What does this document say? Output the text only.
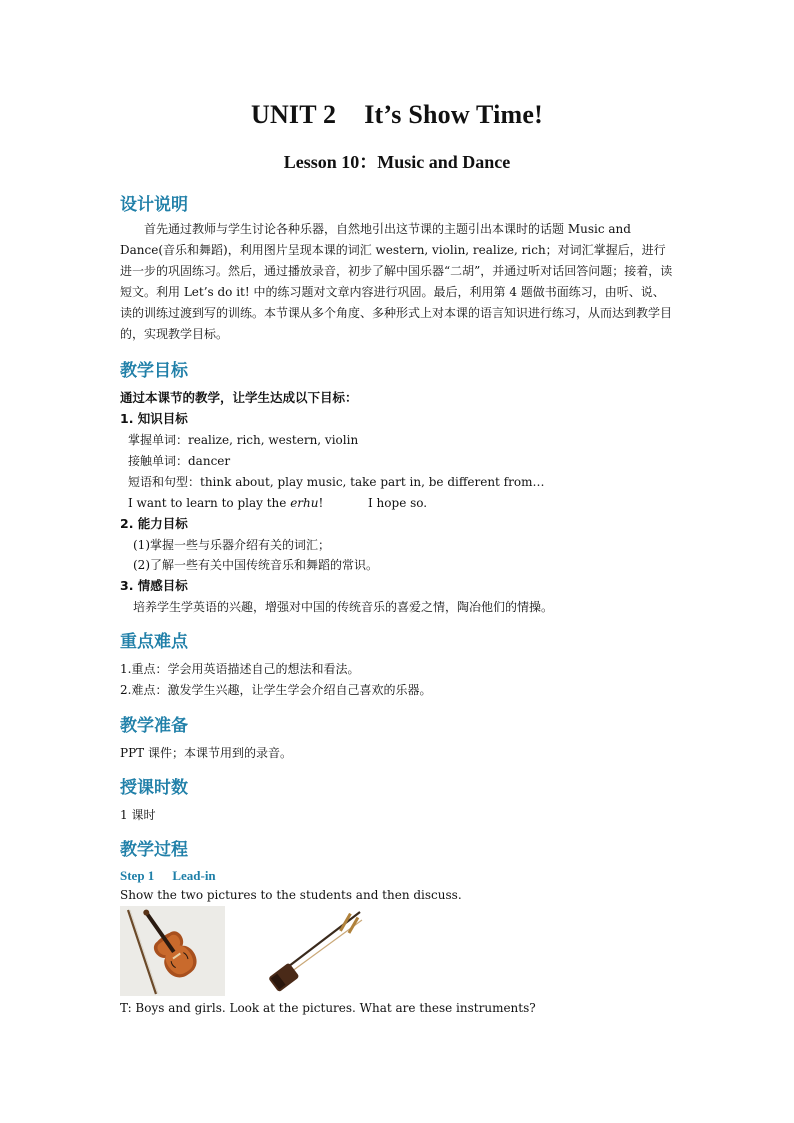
UNIT 2 It’s Show Time!
Lesson 10：Music and Dance
设计说明
首先通过教师与学生讨论各种乐器，自然地引出这节课的主题引出本课时的话题 Music and Dance(音乐和舞蹈)，利用图片呈现本课的词汇 western, violin, realize, rich；对词汇掌握后，进行进一步的巩固练习。然后，通过播放录音，初步了解中国乐器“二胡”，并通过听对话回答问题；接着，读短文。利用 Let’s do it! 中的练习题对文章内容进行巩固。最后，利用第 4 题做书面练习，由听、说、读的训练过渡到写的训练。本节课从多个角度、多种形式上对本课的语言知识进行练习，从而达到教学目的，实现教学目标。
教学目标
通过本课节的教学，让学生达成以下目标：
1. 知识目标
掌握单词：realize, rich, western, violin
接触单词：dancer
短语和句型：think about, play music, take part in, be different from…
I want to learn to play the erhu!	I hope so.
2. 能力目标
(1)掌握一些与乐器介绍有关的词汇；
(2)了解一些有关中国传统音乐和舞蹈的常识。
3. 情感目标
培养学生学英语的兴趣，增强对中国的传统音乐的喜爱之情，陶冶他们的情操。
重点难点
1.重点：学会用英语描述自己的想法和看法。
2.难点：激发学生兴趣，让学生学会介绍自己喜欢的乐器。
教学准备
PPT 课件；本课节用到的录音。
授课时数
1 课时
教学过程
Step 1 Lead-in
Show the two pictures to the students and then discuss.
T: Boys and girls. Look at the pictures. What are these instruments?
